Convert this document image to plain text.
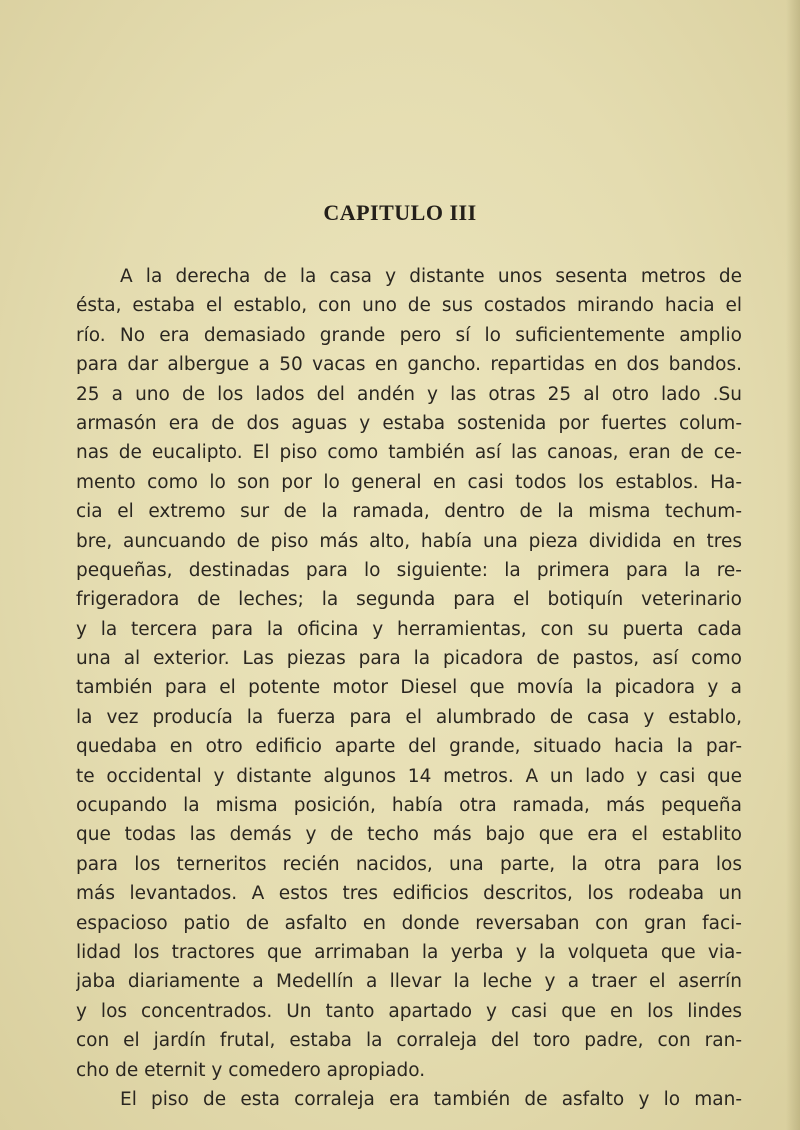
CAPITULO III
A la derecha de la casa y distante unos sesenta metros de
ésta, estaba el establo, con uno de sus costados mirando hacia el
río. No era demasiado grande pero sí lo suficientemente amplio
para dar albergue a 50 vacas en gancho. repartidas en dos bandos.
25 a uno de los lados del andén y las otras 25 al otro lado .Su
armasón era de dos aguas y estaba sostenida por fuertes colum-
nas de eucalipto. El piso como también así las canoas, eran de ce-
mento como lo son por lo general en casi todos los establos. Ha-
cia el extremo sur de la ramada, dentro de la misma techum-
bre, auncuando de piso más alto, había una pieza dividida en tres
pequeñas, destinadas para lo siguiente: la primera para la re-
frigeradora de leches; la segunda para el botiquín veterinario
y la tercera para la oficina y herramientas, con su puerta cada
una al exterior. Las piezas para la picadora de pastos, así como
también para el potente motor Diesel que movía la picadora y a
la vez producía la fuerza para el alumbrado de casa y establo,
quedaba en otro edificio aparte del grande, situado hacia la par-
te occidental y distante algunos 14 metros. A un lado y casi que
ocupando la misma posición, había otra ramada, más pequeña
que todas las demás y de techo más bajo que era el establito
para los terneritos recién nacidos, una parte, la otra para los
más levantados. A estos tres edificios descritos, los rodeaba un
espacioso patio de asfalto en donde reversaban con gran faci-
lidad los tractores que arrimaban la yerba y la volqueta que via-
jaba diariamente a Medellín a llevar la leche y a traer el aserrín
y los concentrados. Un tanto apartado y casi que en los lindes
con el jardín frutal, estaba la corraleja del toro padre, con ran-
cho de eternit y comedero apropiado.
El piso de esta corraleja era también de asfalto y lo man-
